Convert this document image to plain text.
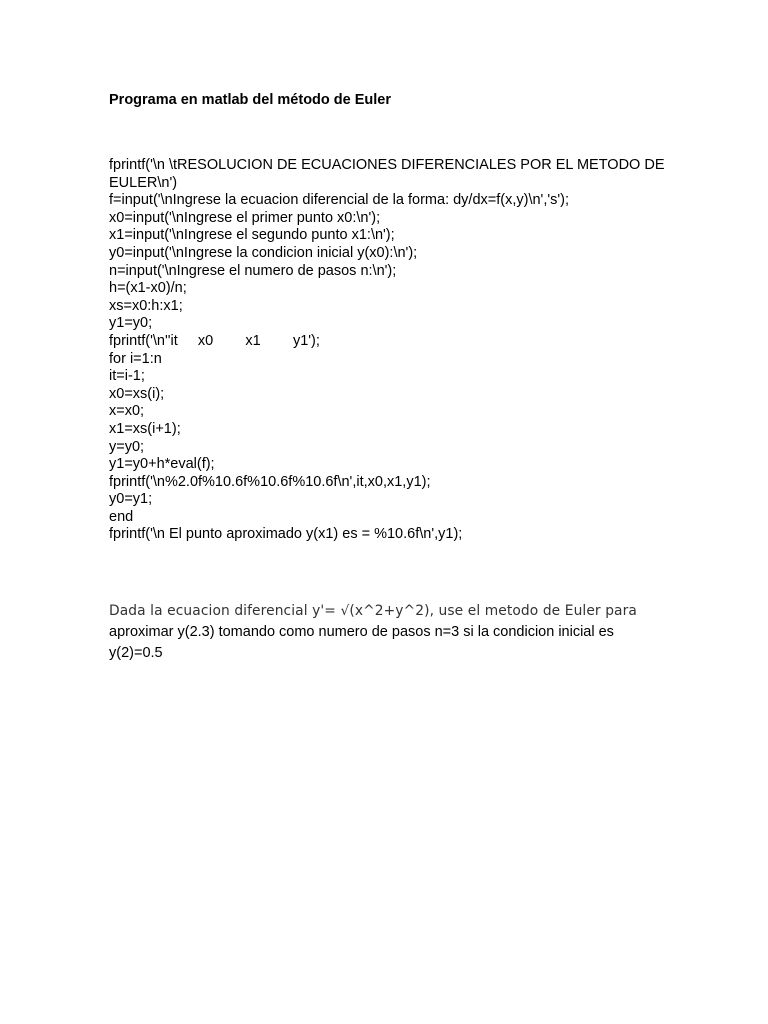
Programa en matlab del método de Euler
fprintf('\n \tRESOLUCION DE ECUACIONES DIFERENCIALES POR EL METODO DE EULER\n')
f=input('\nIngrese la ecuacion diferencial de la forma: dy/dx=f(x,y)\n','s');
x0=input('\nIngrese el primer punto x0:\n');
x1=input('\nIngrese el segundo punto x1:\n');
y0=input('\nIngrese la condicion inicial y(x0):\n');
n=input('\nIngrese el numero de pasos n:\n');
h=(x1-x0)/n;
xs=x0:h:x1;
y1=y0;
fprintf('\n''it     x0        x1        y1');
for i=1:n
it=i-1;
x0=xs(i);
x=x0;
x1=xs(i+1);
y=y0;
y1=y0+h*eval(f);
fprintf('\n%2.0f%10.6f%10.6f%10.6f\n',it,x0,x1,y1);
y0=y1;
end
fprintf('\n El punto aproximado y(x1) es = %10.6f\n',y1);
Dada la ecuacion diferencial y'= √(x^2+y^2), use el metodo de Euler para aproximar y(2.3) tomando como numero de pasos n=3 si la condicion inicial es y(2)=0.5
